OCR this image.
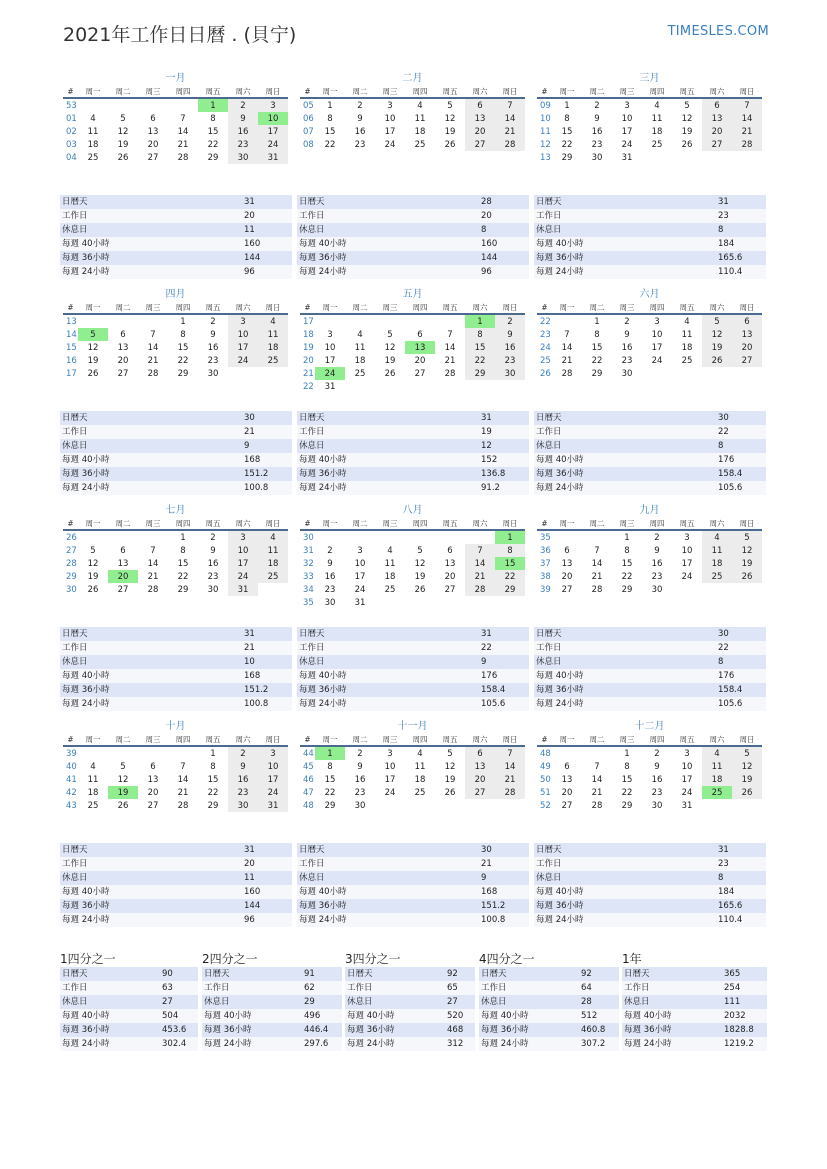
2021年工作日日曆 . (貝宁)	TIMESLES.COM
一月
#	周一	周二	周三	周四	周五	周六	周日
53					1	2	3
01	4	5	6	7	8	9	10
02	11	12	13	14	15	16	17
03	18	19	20	21	22	23	24
04	25	26	27	28	29	30	31
日曆天	31
工作日	20
休息日	11
每週 40小時	160
每週 36小時	144
每週 24小時	96
二月
#	周一	周二	周三	周四	周五	周六	周日
05	1	2	3	4	5	6	7
06	8	9	10	11	12	13	14
07	15	16	17	18	19	20	21
08	22	23	24	25	26	27	28
日曆天	28
工作日	20
休息日	8
每週 40小時	160
每週 36小時	144
每週 24小時	96
三月
#	周一	周二	周三	周四	周五	周六	周日
09	1	2	3	4	5	6	7
10	8	9	10	11	12	13	14
11	15	16	17	18	19	20	21
12	22	23	24	25	26	27	28
13	29	30	31				
日曆天	31
工作日	23
休息日	8
每週 40小時	184
每週 36小時	165.6
每週 24小時	110.4
四月
#	周一	周二	周三	周四	周五	周六	周日
13				1	2	3	4
14	5	6	7	8	9	10	11
15	12	13	14	15	16	17	18
16	19	20	21	22	23	24	25
17	26	27	28	29	30		
日曆天	30
工作日	21
休息日	9
每週 40小時	168
每週 36小時	151.2
每週 24小時	100.8
五月
#	周一	周二	周三	周四	周五	周六	周日
17						1	2
18	3	4	5	6	7	8	9
19	10	11	12	13	14	15	16
20	17	18	19	20	21	22	23
21	24	25	26	27	28	29	30
22	31						
日曆天	31
工作日	19
休息日	12
每週 40小時	152
每週 36小時	136.8
每週 24小時	91.2
六月
#	周一	周二	周三	周四	周五	周六	周日
22		1	2	3	4	5	6
23	7	8	9	10	11	12	13
24	14	15	16	17	18	19	20
25	21	22	23	24	25	26	27
26	28	29	30				
日曆天	30
工作日	22
休息日	8
每週 40小時	176
每週 36小時	158.4
每週 24小時	105.6
七月
#	周一	周二	周三	周四	周五	周六	周日
26				1	2	3	4
27	5	6	7	8	9	10	11
28	12	13	14	15	16	17	18
29	19	20	21	22	23	24	25
30	26	27	28	29	30	31	
日曆天	31
工作日	21
休息日	10
每週 40小時	168
每週 36小時	151.2
每週 24小時	100.8
八月
#	周一	周二	周三	周四	周五	周六	周日
30							1
31	2	3	4	5	6	7	8
32	9	10	11	12	13	14	15
33	16	17	18	19	20	21	22
34	23	24	25	26	27	28	29
35	30	31					
日曆天	31
工作日	22
休息日	9
每週 40小時	176
每週 36小時	158.4
每週 24小時	105.6
九月
#	周一	周二	周三	周四	周五	周六	周日
35			1	2	3	4	5
36	6	7	8	9	10	11	12
37	13	14	15	16	17	18	19
38	20	21	22	23	24	25	26
39	27	28	29	30			
日曆天	30
工作日	22
休息日	8
每週 40小時	176
每週 36小時	158.4
每週 24小時	105.6
十月
#	周一	周二	周三	周四	周五	周六	周日
39					1	2	3
40	4	5	6	7	8	9	10
41	11	12	13	14	15	16	17
42	18	19	20	21	22	23	24
43	25	26	27	28	29	30	31
日曆天	31
工作日	20
休息日	11
每週 40小時	160
每週 36小時	144
每週 24小時	96
十一月
#	周一	周二	周三	周四	周五	周六	周日
44	1	2	3	4	5	6	7
45	8	9	10	11	12	13	14
46	15	16	17	18	19	20	21
47	22	23	24	25	26	27	28
48	29	30					
日曆天	30
工作日	21
休息日	9
每週 40小時	168
每週 36小時	151.2
每週 24小時	100.8
十二月
#	周一	周二	周三	周四	周五	周六	周日
48			1	2	3	4	5
49	6	7	8	9	10	11	12
50	13	14	15	16	17	18	19
51	20	21	22	23	24	25	26
52	27	28	29	30	31		
日曆天	31
工作日	23
休息日	8
每週 40小時	184
每週 36小時	165.6
每週 24小時	110.4
1四分之一
日曆天	90
工作日	63
休息日	27
每週 40小時	504
每週 36小時	453.6
每週 24小時	302.4
2四分之一
日曆天	91
工作日	62
休息日	29
每週 40小時	496
每週 36小時	446.4
每週 24小時	297.6
3四分之一
日曆天	92
工作日	65
休息日	27
每週 40小時	520
每週 36小時	468
每週 24小時	312
4四分之一
日曆天	92
工作日	64
休息日	28
每週 40小時	512
每週 36小時	460.8
每週 24小時	307.2
1年
日曆天	365
工作日	254
休息日	111
每週 40小時	2032
每週 36小時	1828.8
每週 24小時	1219.2
